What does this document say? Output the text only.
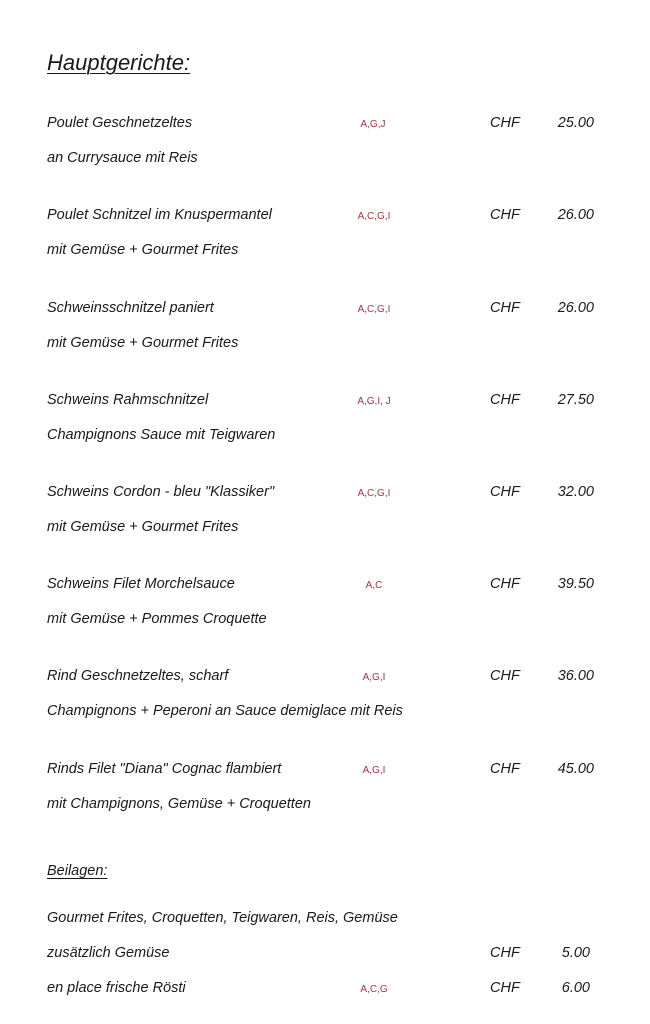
Hauptgerichte:
Poulet Geschnetzeltes	A,G,J	CHF	25.00
an Currysauce mit Reis
Poulet Schnitzel im Knuspermantel	A,C,G,I	CHF	26.00
mit Gemüse + Gourmet Frites
Schweinsschnitzel paniert	A,C,G,I	CHF	26.00
mit Gemüse + Gourmet Frites
Schweins Rahmschnitzel	A,G,I, J	CHF	27.50
Champignons Sauce mit Teigwaren
Schweins Cordon - bleu "Klassiker"	A,C,G,I	CHF	32.00
mit Gemüse + Gourmet Frites
Schweins Filet Morchelsauce	A,C	CHF	39.50
mit Gemüse + Pommes Croquette
Rind Geschnetzeltes, scharf	A,G,I	CHF	36.00
Champignons + Peperoni an Sauce demiglace mit Reis
Rinds Filet "Diana" Cognac flambiert	A,G,I	CHF	45.00
mit Champignons, Gemüse + Croquetten
Beilagen:
Gourmet Frites, Croquetten, Teigwaren, Reis, Gemüse
zusätzlich Gemüse	CHF	5.00
en place frische Rösti	A,C,G	CHF	6.00
